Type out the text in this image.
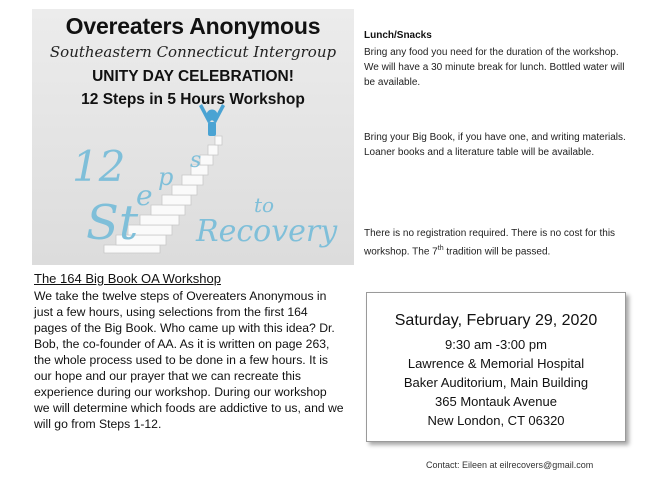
Overeaters Anonymous
Southeastern Connecticut Intergroup
UNITY DAY CELEBRATION!
12 Steps in 5 Hours Workshop
12
St
e
p
s
to
Recovery
Lunch/Snacks
Bring any food you need for the duration of the workshop. We will have a 30 minute break for lunch. Bottled water will be available.
Bring your Big Book, if you have one, and writing materials. Loaner books and a literature table will be available.
There is no registration required. There is no cost for this workshop. The 7th tradition will be passed.
The 164 Big Book OA Workshop
We take the twelve steps of Overeaters Anonymous in just a few hours, using selections from the first 164 pages of the Big Book. Who came up with this idea? Dr. Bob, the co-founder of AA. As it is written on page 263, the whole process used to be done in a few hours. It is our hope and our prayer that we can recreate this experience during our workshop. During our workshop we will determine which foods are addictive to us, and we will go from Steps 1-12.
Saturday, February 29, 2020
9:30 am -3:00 pm
Lawrence & Memorial Hospital
Baker Auditorium, Main Building
365 Montauk Avenue
New London, CT 06320
Contact: Eileen at eilrecovers@gmail.com
